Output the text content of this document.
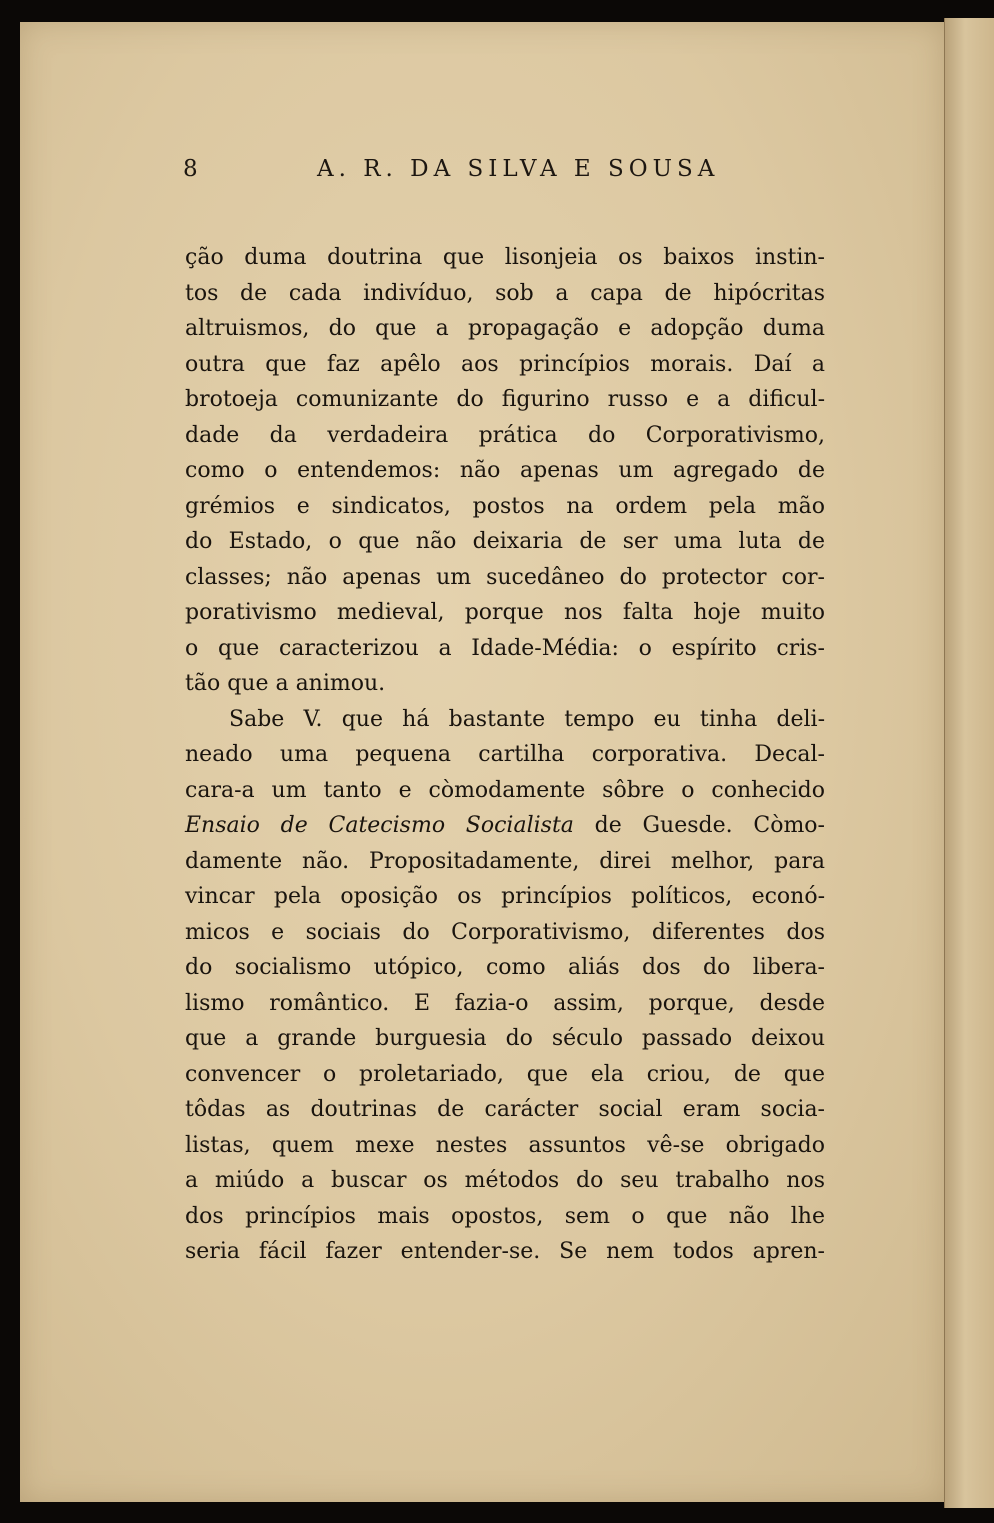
8	A. R. DA SILVA E SOUSA
ção duma doutrina que lisonjeia os baixos instin-
tos de cada indivíduo, sob a capa de hipócritas
altruismos, do que a propagação e adopção duma
outra que faz apêlo aos princípios morais. Daí a
brotoeja comunizante do figurino russo e a dificul-
dade da verdadeira prática do Corporativismo,
como o entendemos: não apenas um agregado de
grémios e sindicatos, postos na ordem pela mão
do Estado, o que não deixaria de ser uma luta de
classes; não apenas um sucedâneo do protector cor-
porativismo medieval, porque nos falta hoje muito
o que caracterizou a Idade-Média: o espírito cris-
tão que a animou.
Sabe V. que há bastante tempo eu tinha deli-
neado uma pequena cartilha corporativa. Decal-
cara-a um tanto e còmodamente sôbre o conhecido
Ensaio de Catecismo Socialista de Guesde. Còmo-
damente não. Propositadamente, direi melhor, para
vincar pela oposição os princípios políticos, econó-
micos e sociais do Corporativismo, diferentes dos
do socialismo utópico, como aliás dos do libera-
lismo romântico. E fazia-o assim, porque, desde
que a grande burguesia do século passado deixou
convencer o proletariado, que ela criou, de que
tôdas as doutrinas de carácter social eram socia-
listas, quem mexe nestes assuntos vê-se obrigado
a miúdo a buscar os métodos do seu trabalho nos
dos princípios mais opostos, sem o que não lhe
seria fácil fazer entender-se. Se nem todos apren-
